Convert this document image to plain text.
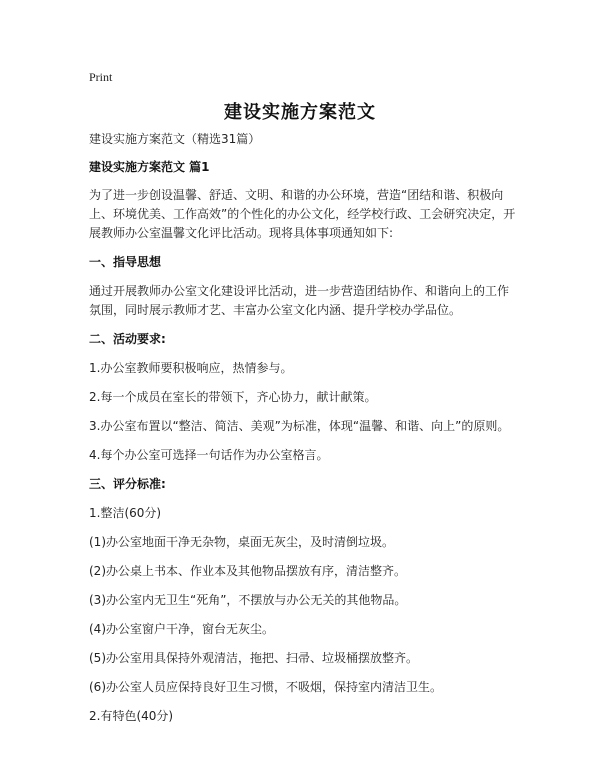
Print
建设实施方案范文

建设实施方案范文（精选31篇）

建设实施方案范文 篇1

为了进一步创设温馨、舒适、文明、和谐的办公环境，营造“团结和谐、积极向上、环境优美、工作高效”的个性化的办公文化，经学校行政、工会研究决定，开展教师办公室温馨文化评比活动。现将具体事项通知如下:

一、指导思想

通过开展教师办公室文化建设评比活动，进一步营造团结协作、和谐向上的工作氛围，同时展示教师才艺、丰富办公室文化内涵、提升学校办学品位。

二、活动要求:

1.办公室教师要积极响应，热情参与。

2.每一个成员在室长的带领下，齐心协力，献计献策。

3.办公室布置以“整洁、简洁、美观”为标准，体现“温馨、和谐、向上”的原则。

4.每个办公室可选择一句话作为办公室格言。

三、评分标准:

1.整洁(60分)

(1)办公室地面干净无杂物，桌面无灰尘，及时清倒垃圾。

(2)办公桌上书本、作业本及其他物品摆放有序，清洁整齐。

(3)办公室内无卫生“死角”，不摆放与办公无关的其他物品。

(4)办公室窗户干净，窗台无灰尘。

(5)办公室用具保持外观清洁，拖把、扫帚、垃圾桶摆放整齐。

(6)办公室人员应保持良好卫生习惯，不吸烟，保持室内清洁卫生。

2.有特色(40分)
